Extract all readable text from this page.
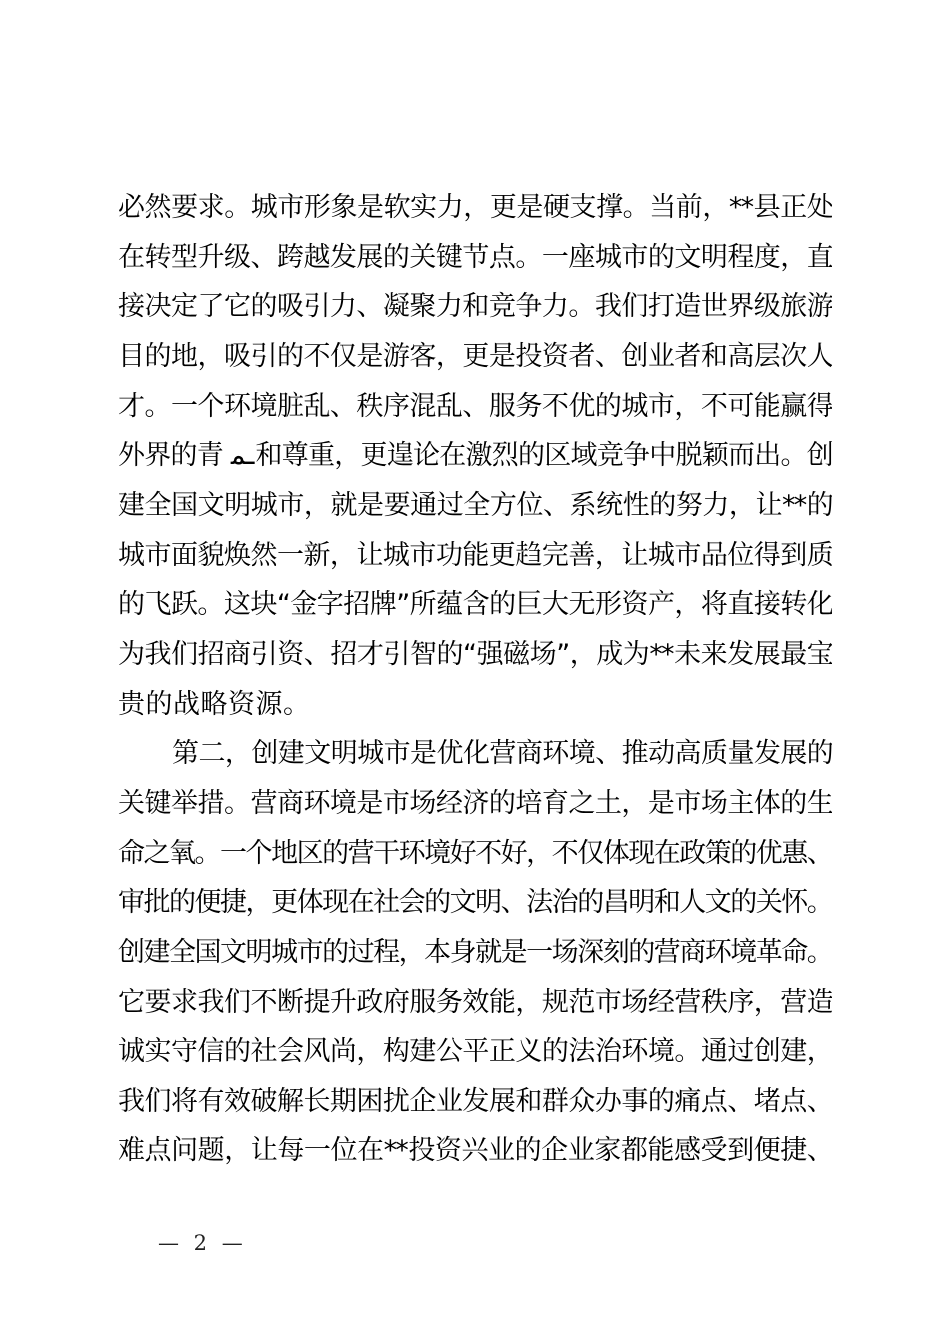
必然要求。城市形象是软实力，更是硬支撑。当前，**县正处
在转型升级、跨越发展的关键节点。一座城市的文明程度，直
接决定了它的吸引力、凝聚力和竞争力。我们打造世界级旅游
目的地，吸引的不仅是游客，更是投资者、创业者和高层次人
才。一个环境脏乱、秩序混乱、服务不优的城市，不可能赢得
外界的青 ـﻤ和尊重，更遑论在激烈的区域竞争中脱颖而出。创
建全国文明城市，就是要通过全方位、系统性的努力，让**的
城市面貌焕然一新，让城市功能更趋完善，让城市品位得到质
的飞跃。这块“金字招牌”所蕴含的巨大无形资产，将直接转化
为我们招商引资、招才引智的“强磁场”，成为**未来发展最宝
贵的战略资源。
第二，创建文明城市是优化营商环境、推动高质量发展的
关键举措。营商环境是市场经济的培育之土，是市场主体的生
命之氧。一个地区的营干环境好不好，不仅体现在政策的优惠、
审批的便捷，更体现在社会的文明、法治的昌明和人文的关怀。
创建全国文明城市的过程，本身就是一场深刻的营商环境革命。
它要求我们不断提升政府服务效能，规范市场经营秩序，营造
诚实守信的社会风尚，构建公平正义的法治环境。通过创建，
我们将有效破解长期困扰企业发展和群众办事的痛点、堵点、
难点问题，让每一位在**投资兴业的企业家都能感受到便捷、
— 2 —
